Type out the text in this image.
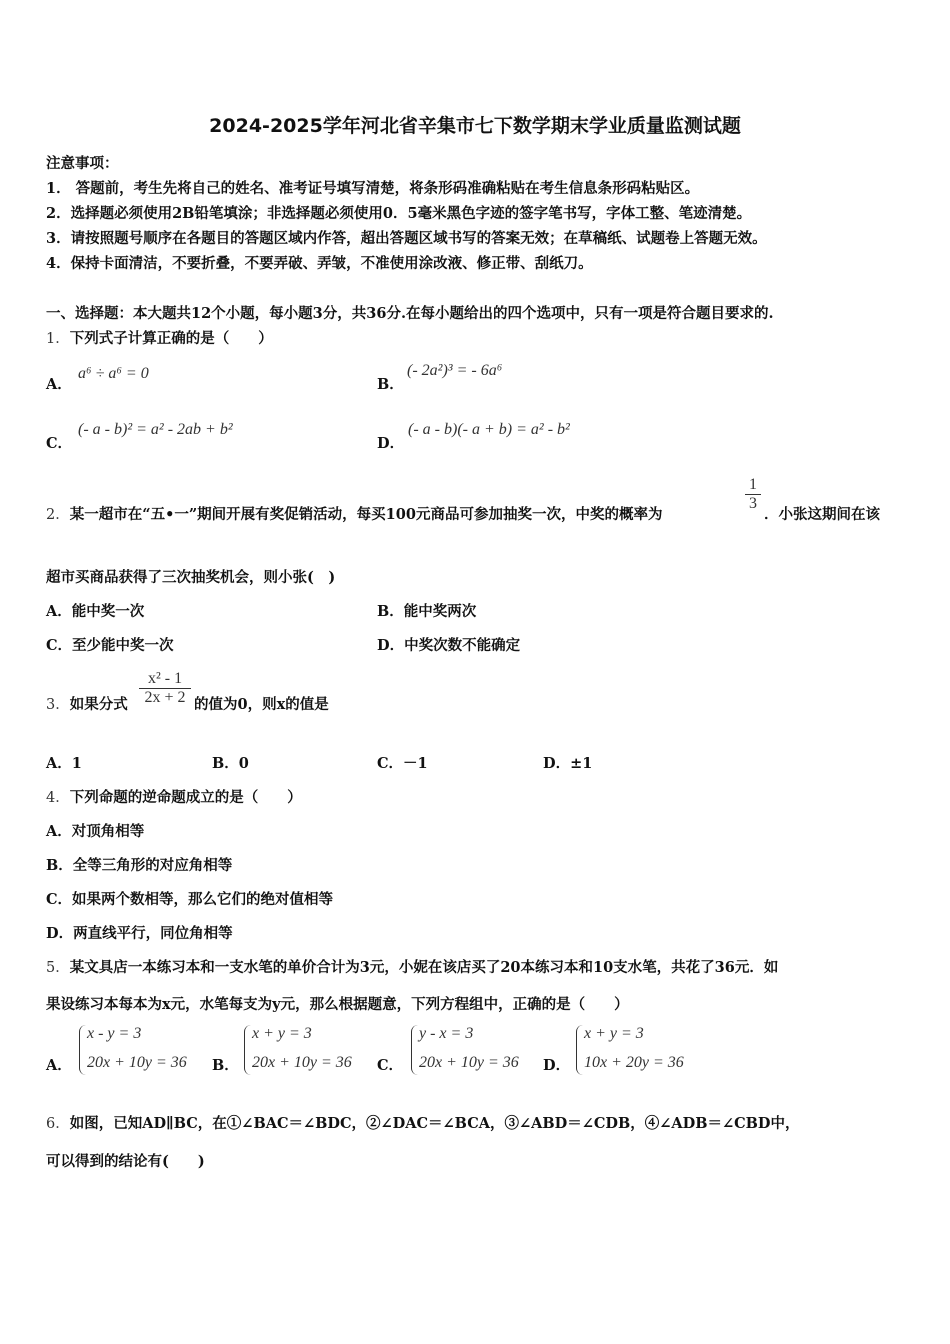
2024-2025学年河北省辛集市七下数学期末学业质量监测试题
注意事项：
1． 答题前，考生先将自己的姓名、准考证号填写清楚，将条形码准确粘贴在考生信息条形码粘贴区。
2．选择题必须使用2B铅笔填涂；非选择题必须使用0．5毫米黑色字迹的签字笔书写，字体工整、笔迹清楚。
3．请按照题号顺序在各题目的答题区域内作答，超出答题区域书写的答案无效；在草稿纸、试题卷上答题无效。
4．保持卡面清洁，不要折叠，不要弄破、弄皱，不准使用涂改液、修正带、刮纸刀。
一、选择题：本大题共12个小题，每小题3分，共36分.在每小题给出的四个选项中，只有一项是符合题目要求的.
1．下列式子计算正确的是（　　）
A．
a⁶ ÷ a⁶ = 0
B．
(- 2a²)³ = - 6a⁶
C．
(- a - b)² = a² - 2ab + b²
D．
(- a - b)(- a + b) = a² - b²
2．某一超市在“五•一”期间开展有奖促销活动，每买100元商品可参加抽奖一次，中奖的概率为
$\frac{1}{3}$
．小张这期间在该
超市买商品获得了三次抽奖机会，则小张(　)
A．能中奖一次	B．能中奖两次
C．至少能中奖一次	D．中奖次数不能确定
3．如果分式 $\frac{\text{x² - 1}}{2x + 2}$ 的值为0，则x的值是
A．1	B．0	C．－1	D．±1
4．下列命题的逆命题成立的是（　　）
A．对顶角相等
B．全等三角形的对应角相等
C．如果两个数相等，那么它们的绝对值相等
D．两直线平行，同位角相等
5．某文具店一本练习本和一支水笔的单价合计为3元，小妮在该店买了20本练习本和10支水笔，共花了36元．如
果设练习本每本为x元，水笔每支为y元，那么根据题意，下列方程组中，正确的是（　　）
A．
x - y = 3
20x + 10y = 36 B．
x + y = 3
20x + 10y = 36 C．
y - x = 3
20x + 10y = 36 D．
x + y = 3
10x + 20y = 36
6．如图，已知AD∥BC，在①∠BAC＝∠BDC，②∠DAC＝∠BCA，③∠ABD＝∠CDB，④∠ADB＝∠CBD中，
可以得到的结论有(　　)
